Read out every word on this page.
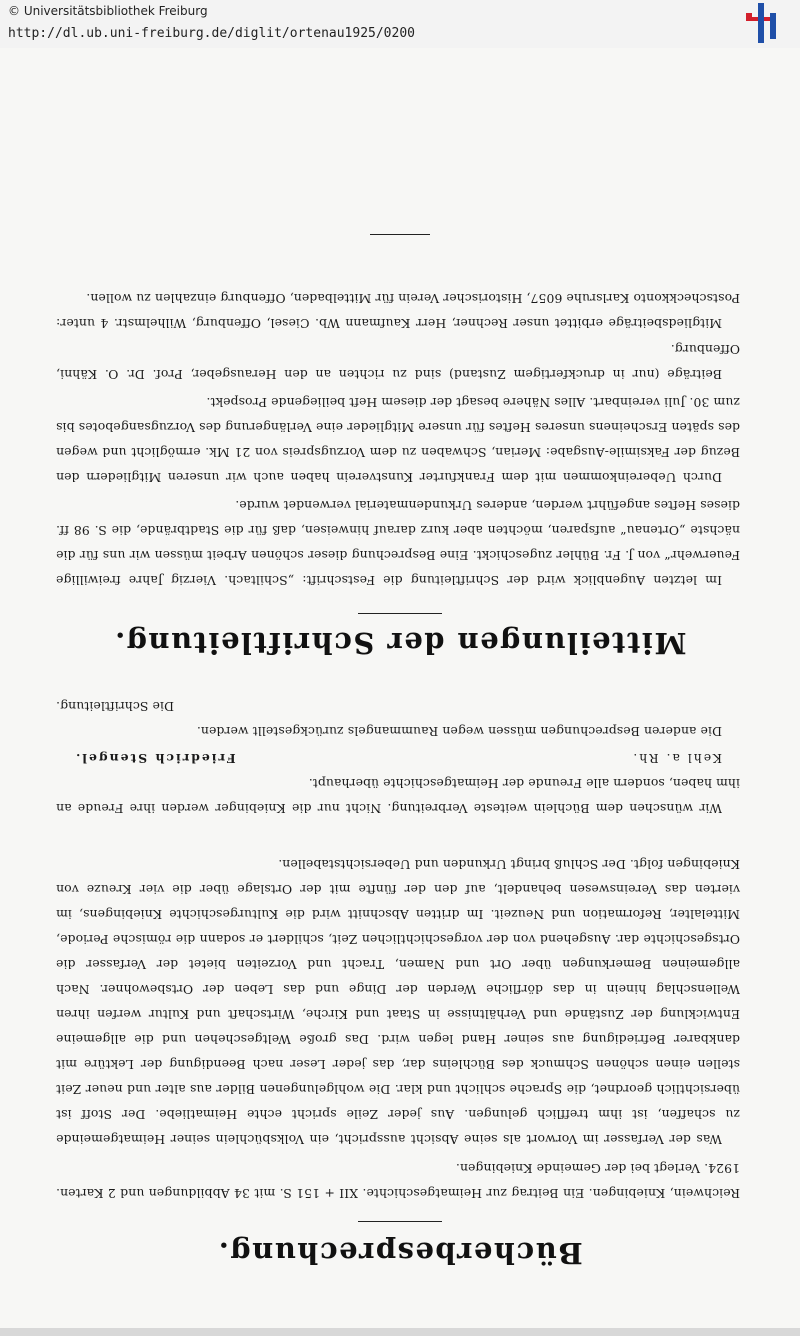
© Universitätsbibliothek Freiburg
http://dl.ub.uni-freiburg.de/diglit/ortenau1925/0200
Bücherbesprechung.

Reichwein, Kniebingen. Ein Beitrag zur Heimatgeschichte. XII + 151 S. mit 34 Abbildungen und 2 Karten. 1924. Verlegt bei der Gemeinde Kniebingen.

Was der Verfasser im Vorwort als seine Absicht ausspricht, ein Volksbüchlein seiner Heimatgemeinde zu schaffen, ist ihm trefflich gelungen. Aus jeder Zeile spricht echte Heimatliebe. Der Stoff ist übersichtlich geordnet, die Sprache schlicht und klar. Die wohlgelungenen Bilder aus alter und neuer Zeit stellen einen schönen Schmuck des Büchleins dar, das jeder Leser nach Beendigung der Lektüre mit dankbarer Befriedigung aus seiner Hand legen wird. Das große Weltgeschehen und die allgemeine Entwicklung der Zustände und Verhältnisse in Staat und Kirche, Wirtschaft und Kultur werfen ihren Wellenschlag hinein in das dörfliche Werden der Dinge und das Leben der Ortsbewohner. Nach allgemeinen Bemerkungen über Ort und Namen, Tracht und Vorzeiten bietet der Verfasser die Ortsgeschichte dar. Ausgehend von der vorgeschichtlichen Zeit, schildert er sodann die römische Periode, Mittelalter, Reformation und Neuzeit. Im dritten Abschnitt wird die Kulturgeschichte Kniebingens, im vierten das Vereinswesen behandelt, auf den der fünfte mit der Ortslage über die vier Kreuze von Kniebingen folgt. Der Schluß bringt Urkunden und Uebersichtstabellen.

Wir wünschen dem Büchlein weiteste Verbreitung. Nicht nur die Kniebinger werden ihre Freude an ihm haben, sondern alle Freunde der Heimatgeschichte überhaupt.

Kehl a. Rh.
Friedrich Stengel.

Die anderen Besprechungen müssen wegen Raummangels zurückgestellt werden.

Die Schriftleitung.

Mitteilungen der Schriftleitung.

Im letzten Augenblick wird der Schriftleitung die Festschrift: „Schiltach. Vierzig Jahre freiwillige Feuerwehr“ von J. Fr. Bühler zugeschickt. Eine Besprechung dieser schönen Arbeit müssen wir uns für die nächste „Ortenau“ aufsparen, möchten aber kurz darauf hinweisen, daß für die Stadtbrände, die S. 98 ff. dieses Heftes angeführt werden, anderes Urkundenmaterial verwendet wurde.

Durch Uebereinkommen mit dem Frankfurter Kunstverein haben auch wir unseren Mitgliedern den Bezug der Faksimile-Ausgabe: Merian, Schwaben zu dem Vorzugspreis von 21 Mk. ermöglicht und wegen des späten Erscheinens unseres Heftes für unsere Mitglieder eine Verlängerung des Vorzugsangebotes bis zum 30. Juli vereinbart. Alles Nähere besagt der diesem Heft beiliegende Prospekt.

Beiträge (nur in druckfertigem Zustand) sind zu richten an den Herausgeber, Prof. Dr. O. Kähni, Offenburg.

Mitgliedsbeiträge erbittet unser Rechner, Herr Kaufmann Wb. Ciesel, Offenburg, Wilhelmstr. 4 unter: Postscheckkonto Karlsruhe 6057, Historischer Verein für Mittelbaden, Offenburg einzahlen zu wollen.
